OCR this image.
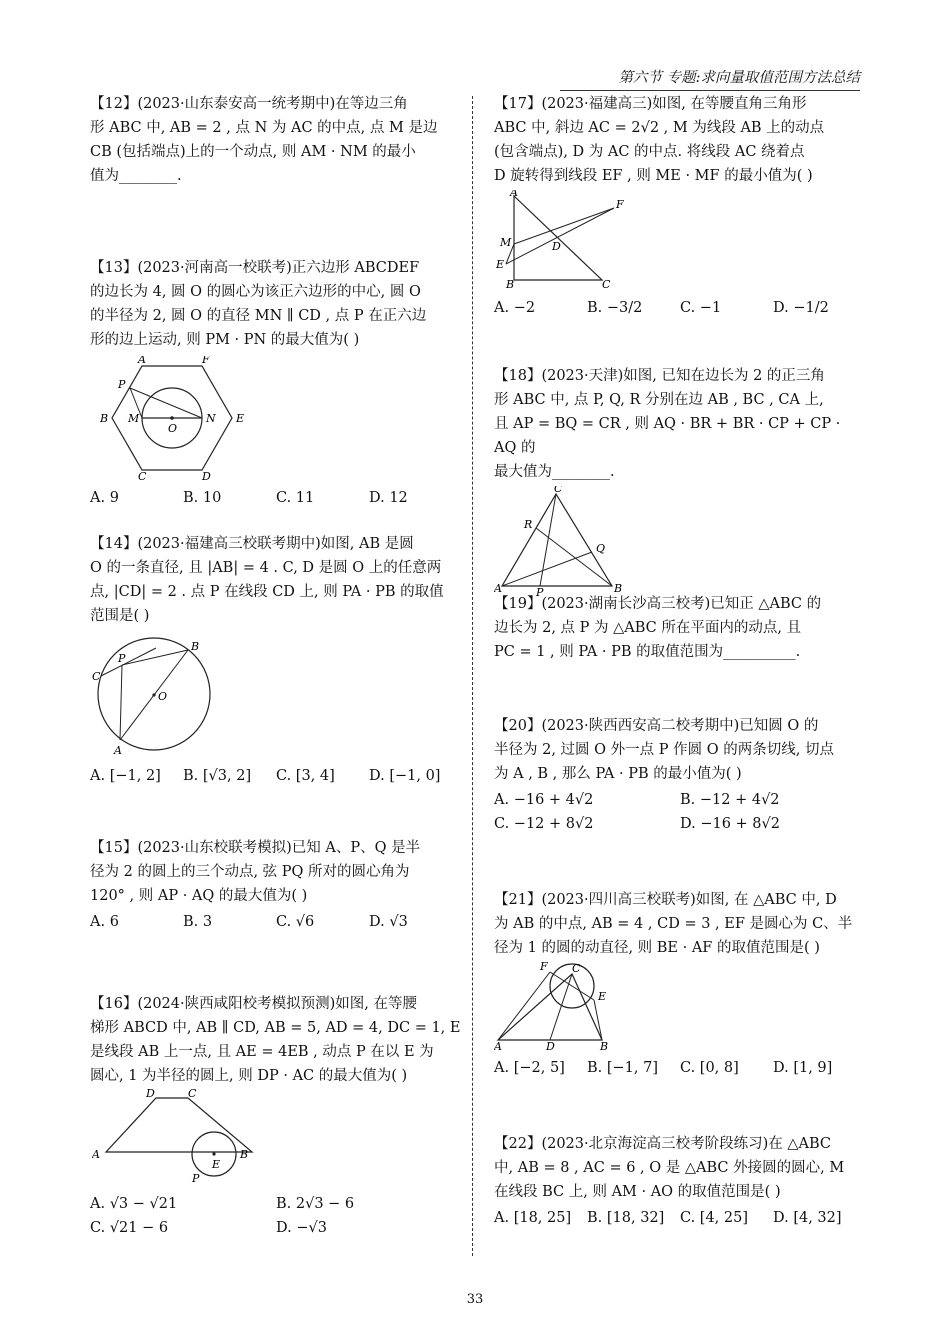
第六节 专题:求向量取值范围方法总结

【12】(2023·山东泰安高一统考期中)在等边三角

形 ABC 中, AB = 2 , 点 N 为 AC 的中点, 点 M 是边

CB (包括端点)上的一个动点, 则 AM · NM 的最小

值为________.

【13】(2023·河南高一校联考)正六边形 ABCDEF

的边长为 4, 圆 O 的圆心为该正六边形的中心, 圆 O

的半径为 2, 圆 O 的直径 MN ∥ CD , 点 P 在正六边

形的边上运动, 则 PM · PN 的最大值为( )

A	F
B	E
C	D
M	N
O
P
A. 9	B. 10	C. 11	D. 12

【14】(2023·福建高三校联考期中)如图, AB 是圆

O 的一条直径, 且 |AB| = 4 . C, D 是圆 O 上的任意两

点, |CD| = 2 . 点 P 在线段 CD 上, 则 PA · PB 的取值

范围是( )

C
P
B
O
A
A. [−1, 2]	B. [√3, 2]	C. [3, 4]	D. [−1, 0]

【15】(2023·山东校联考模拟)已知 A、P、Q 是半

径为 2 的圆上的三个动点, 弦 PQ 所对的圆心角为

120° , 则 AP · AQ 的最大值为( )

A. 6	B. 3	C. √6	D. √3

【16】(2024·陕西咸阳校考模拟预测)如图, 在等腰

梯形 ABCD 中, AB ∥ CD, AB = 5, AD = 4, DC = 1, E

是线段 AB 上一点, 且 AE = 4EB , 动点 P 在以 E 为

圆心, 1 为半径的圆上, 则 DP · AC 的最大值为( )

D	C
A	B
E
P
A. √3 − √21	B. 2√3 − 6
C. √21 − 6	D. −√3

【17】(2023·福建高三)如图, 在等腰直角三角形

ABC 中, 斜边 AC = 2√2 , M 为线段 AB 上的动点

(包含端点), D 为 AC 的中点. 将线段 AC 绕着点

D 旋转得到线段 EF , 则 ME · MF 的最小值为( )

A
M
E
B	C
D
F
A. −2	B. −3/2	C. −1	D. −1/2

【18】(2023·天津)如图, 已知在边长为 2 的正三角

形 ABC 中, 点 P, Q, R 分别在边 AB , BC , CA 上,

且 AP = BQ = CR , 则 AQ · BR + BR · CP + CP · AQ 的

最大值为________.

C
R
Q
A	P	B

【19】(2023·湖南长沙高三校考)已知正 △ABC 的

边长为 2, 点 P 为 △ABC 所在平面内的动点, 且

PC = 1 , 则 PA · PB 的取值范围为__________.

【20】(2023·陕西西安高二校考期中)已知圆 O 的

半径为 2, 过圆 O 外一点 P 作圆 O 的两条切线, 切点

为 A , B , 那么 PA · PB 的最小值为( )

A. −16 + 4√2	B. −12 + 4√2
C. −12 + 8√2	D. −16 + 8√2

【21】(2023·四川高三校联考)如图, 在 △ABC 中, D

为 AB 的中点, AB = 4 , CD = 3 , EF 是圆心为 C、半

径为 1 的圆的动直径, 则 BE · AF 的取值范围是( )

F C
E
A	D	B
A. [−2, 5]	B. [−1, 7]	C. [0, 8]	D. [1, 9]

【22】(2023·北京海淀高三校考阶段练习)在 △ABC

中, AB = 8 , AC = 6 , O 是 △ABC 外接圆的圆心, M

在线段 BC 上, 则 AM · AO 的取值范围是( )

A. [18, 25]	B. [18, 32]	C. [4, 25]	D. [4, 32]
33
